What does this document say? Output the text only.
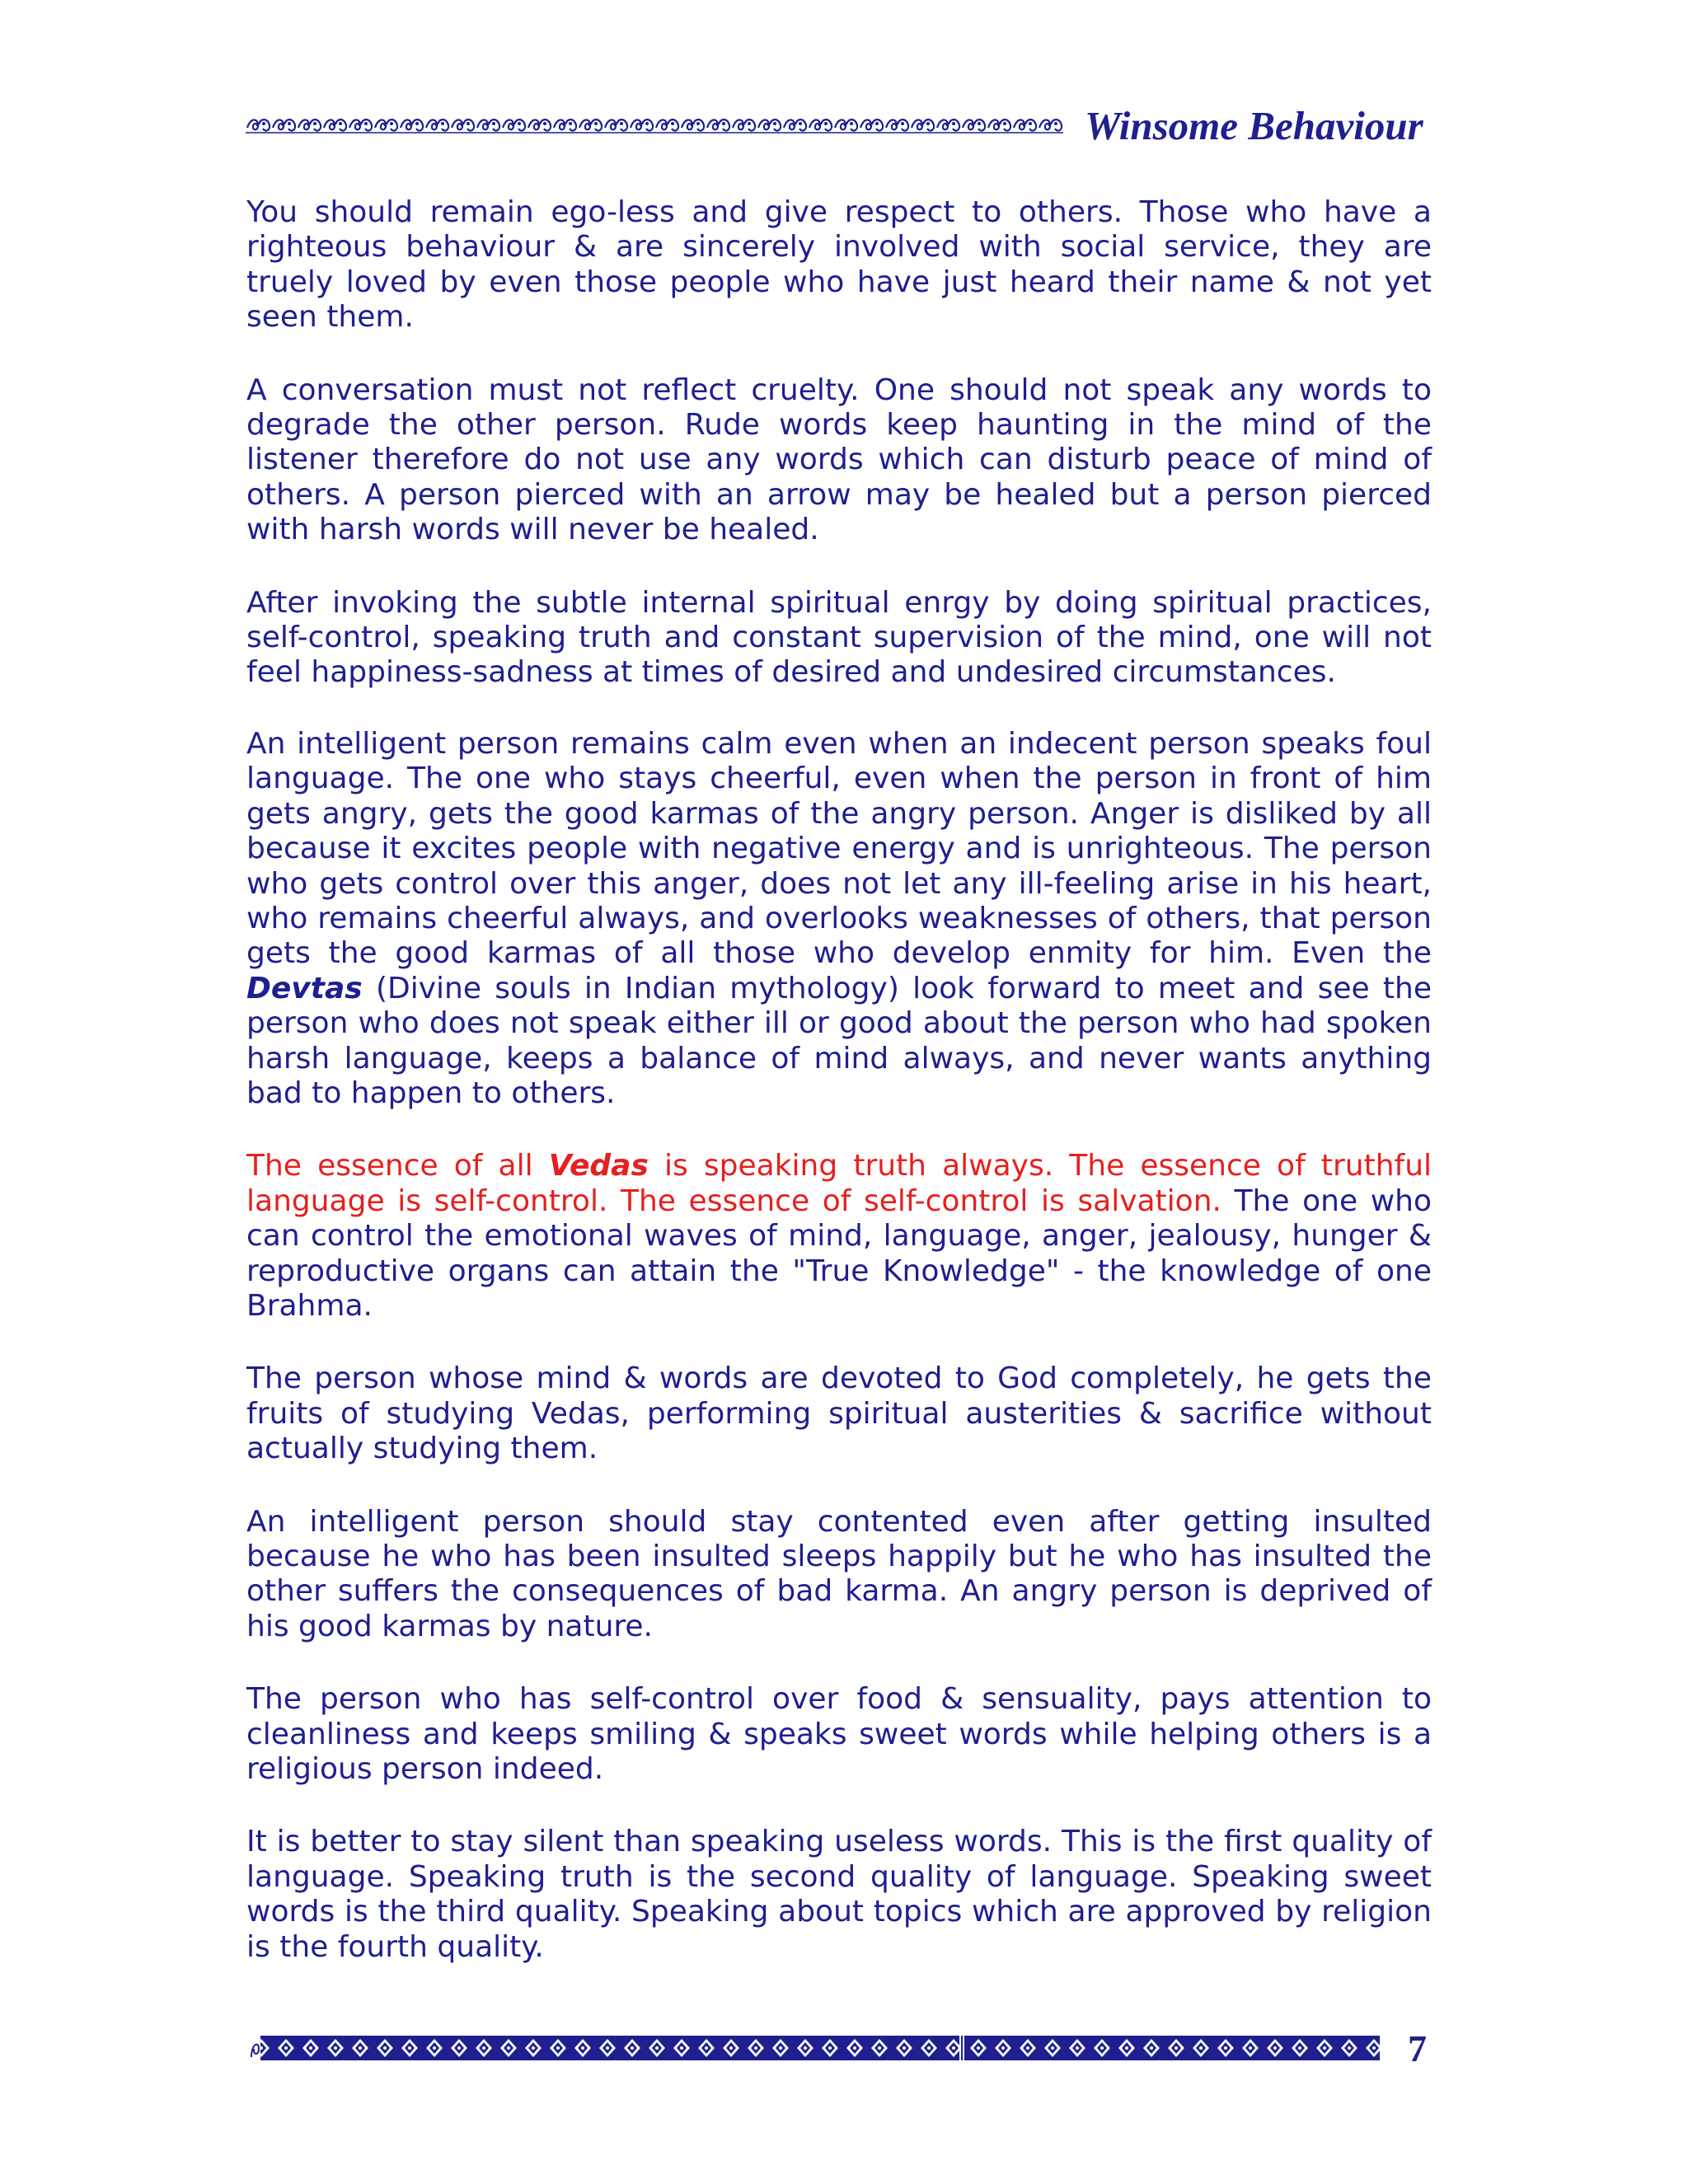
Winsome Behaviour

You should remain ego-less and give respect to others. Those who have a righteous behaviour & are sincerely involved with social service, they are truely loved by even those people who have just heard their name & not yet seen them.

A conversation must not reflect cruelty. One should not speak any words to degrade the other person. Rude words keep haunting in the mind of the listener therefore do not use any words which can disturb peace of mind of others. A person pierced with an arrow may be healed but a person pierced with harsh words will never be healed.

After invoking the subtle internal spiritual enrgy by doing spiritual practices, self-control, speaking truth and constant supervision of the mind, one will not feel happiness-sadness at times of desired and undesired circumstances.

An intelligent person remains calm even when an indecent person speaks foul language. The one who stays cheerful, even when the person in front of him gets angry, gets the good karmas of the angry person. Anger is disliked by all because it excites people with negative energy and is unrighteous. The person who gets control over this anger, does not let any ill-feeling arise in his heart, who remains cheerful always, and overlooks weaknesses of others, that person gets the good karmas of all those who develop enmity for him. Even the Devtas (Divine souls in Indian mythology) look forward to meet and see the person who does not speak either ill or good about the person who had spoken harsh language, keeps a balance of mind always, and never wants anything bad to happen to others.

The essence of all Vedas is speaking truth always. The essence of truthful language is self-control. The essence of self-control is salvation. The one who can control the emotional waves of mind, language, anger, jealousy, hunger & reproductive organs can attain the "True Knowledge" - the knowledge of one Brahma.

The person whose mind & words are devoted to God completely, he gets the fruits of studying Vedas, performing spiritual austerities & sacrifice without actually studying them.

An intelligent person should stay contented even after getting insulted because he who has been insulted sleeps happily but he who has insulted the other suffers the consequences of bad karma. An angry person is deprived of his good karmas by nature.

The person who has self-control over food & sensuality, pays attention to cleanliness and keeps smiling & speaks sweet words while helping others is a religious person indeed.

It is better to stay silent than speaking useless words. This is the first quality of language. Speaking truth is the second quality of language. Speaking sweet words is the third quality. Speaking about topics which are approved by religion is the fourth quality.

7
